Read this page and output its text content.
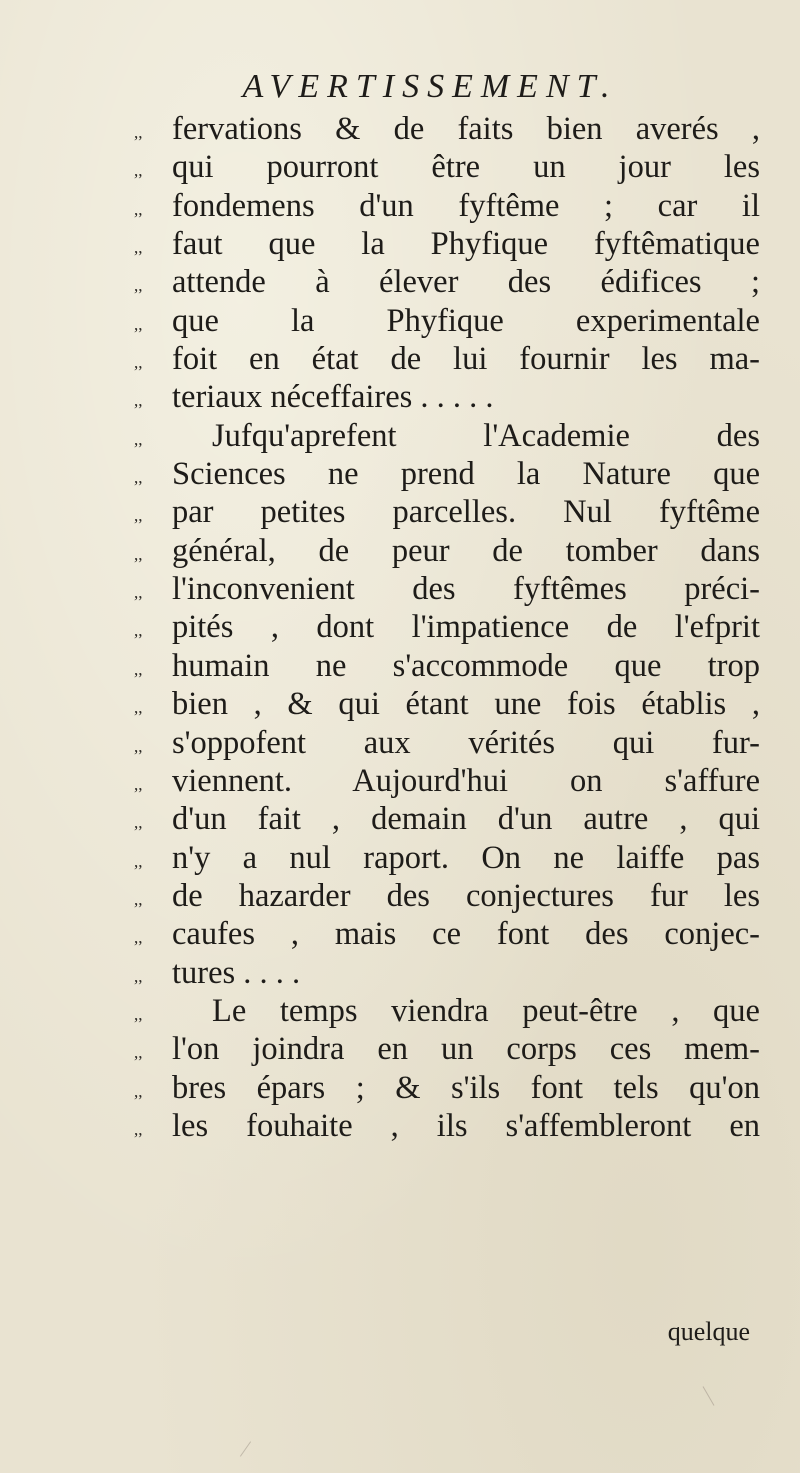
AVERTISSEMENT.
,, fervations & de faits bien averés ,
,, qui pourront être un jour les
,, fondemens d'un fyftême ; car il
,, faut que la Phyfique fyftêmatique
,, attende à élever des édifices ;
,, que la Phyfique experimentale
,, foit en état de lui fournir les ma-
,, teriaux néceffaires . . . . .
,, Jufqu'aprefent l'Academie des
,, Sciences ne prend la Nature que
,, par petites parcelles. Nul fyftême
,, général, de peur de tomber dans
,, l'inconvenient des fyftêmes préci-
,, pités , dont l'impatience de l'efprit
,, humain ne s'accommode que trop
,, bien , & qui étant une fois établis ,
,, s'oppofent aux vérités qui fur-
,, viennent. Aujourd'hui on s'affure
,, d'un fait , demain d'un autre , qui
,, n'y a nul raport. On ne laiffe pas
,, de hazarder des conjectures fur les
,, caufes , mais ce font des conjec-
,, tures . . . .
,, Le temps viendra peut-être , que
,, l'on joindra en un corps ces mem-
,, bres épars ; & s'ils font tels qu'on
,, les fouhaite , ils s'affembleront en
quelque
